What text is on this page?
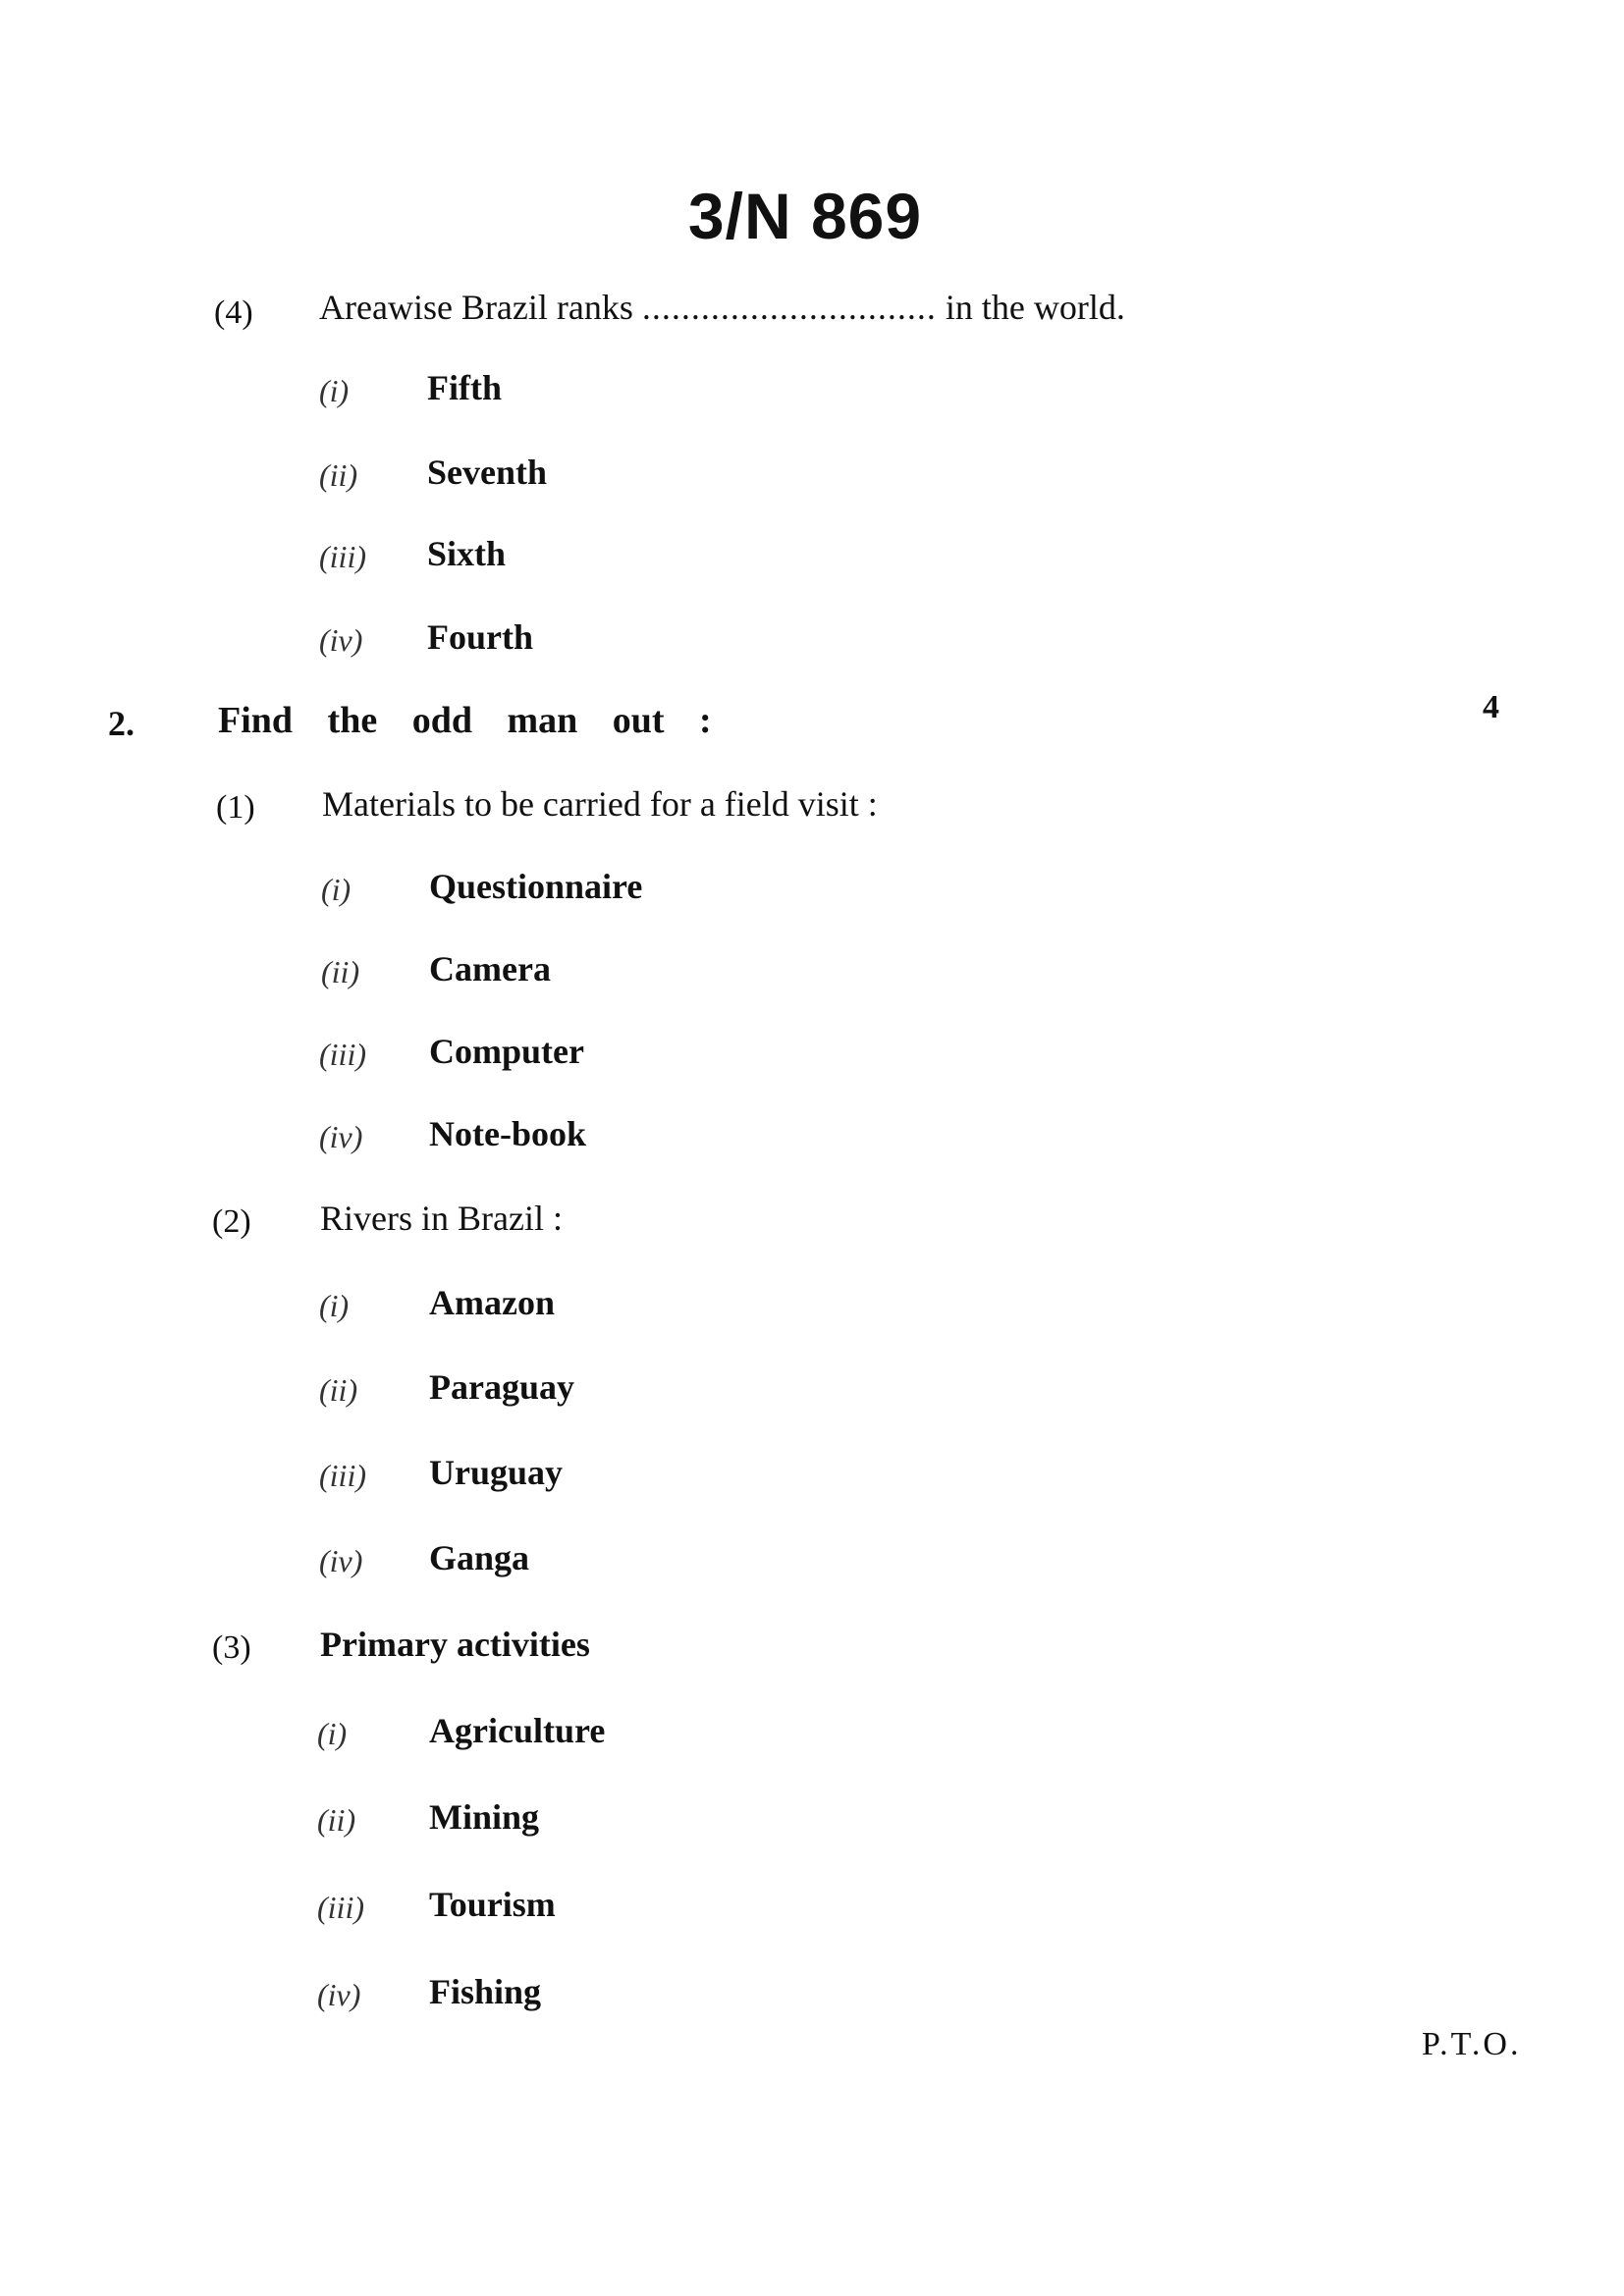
3/N 869
(4) Areawise Brazil ranks .............................. in the world.
(i) Fifth
(ii) Seventh
(iii) Sixth
(iv) Fourth
2. Find the odd man out :	4
(1) Materials to be carried for a field visit :
(i) Questionnaire
(ii) Camera
(iii) Computer
(iv) Note-book
(2) Rivers in Brazil :
(i) Amazon
(ii) Paraguay
(iii) Uruguay
(iv) Ganga
(3) Primary activities
(i) Agriculture
(ii) Mining
(iii) Tourism
(iv) Fishing
P.T.O.
